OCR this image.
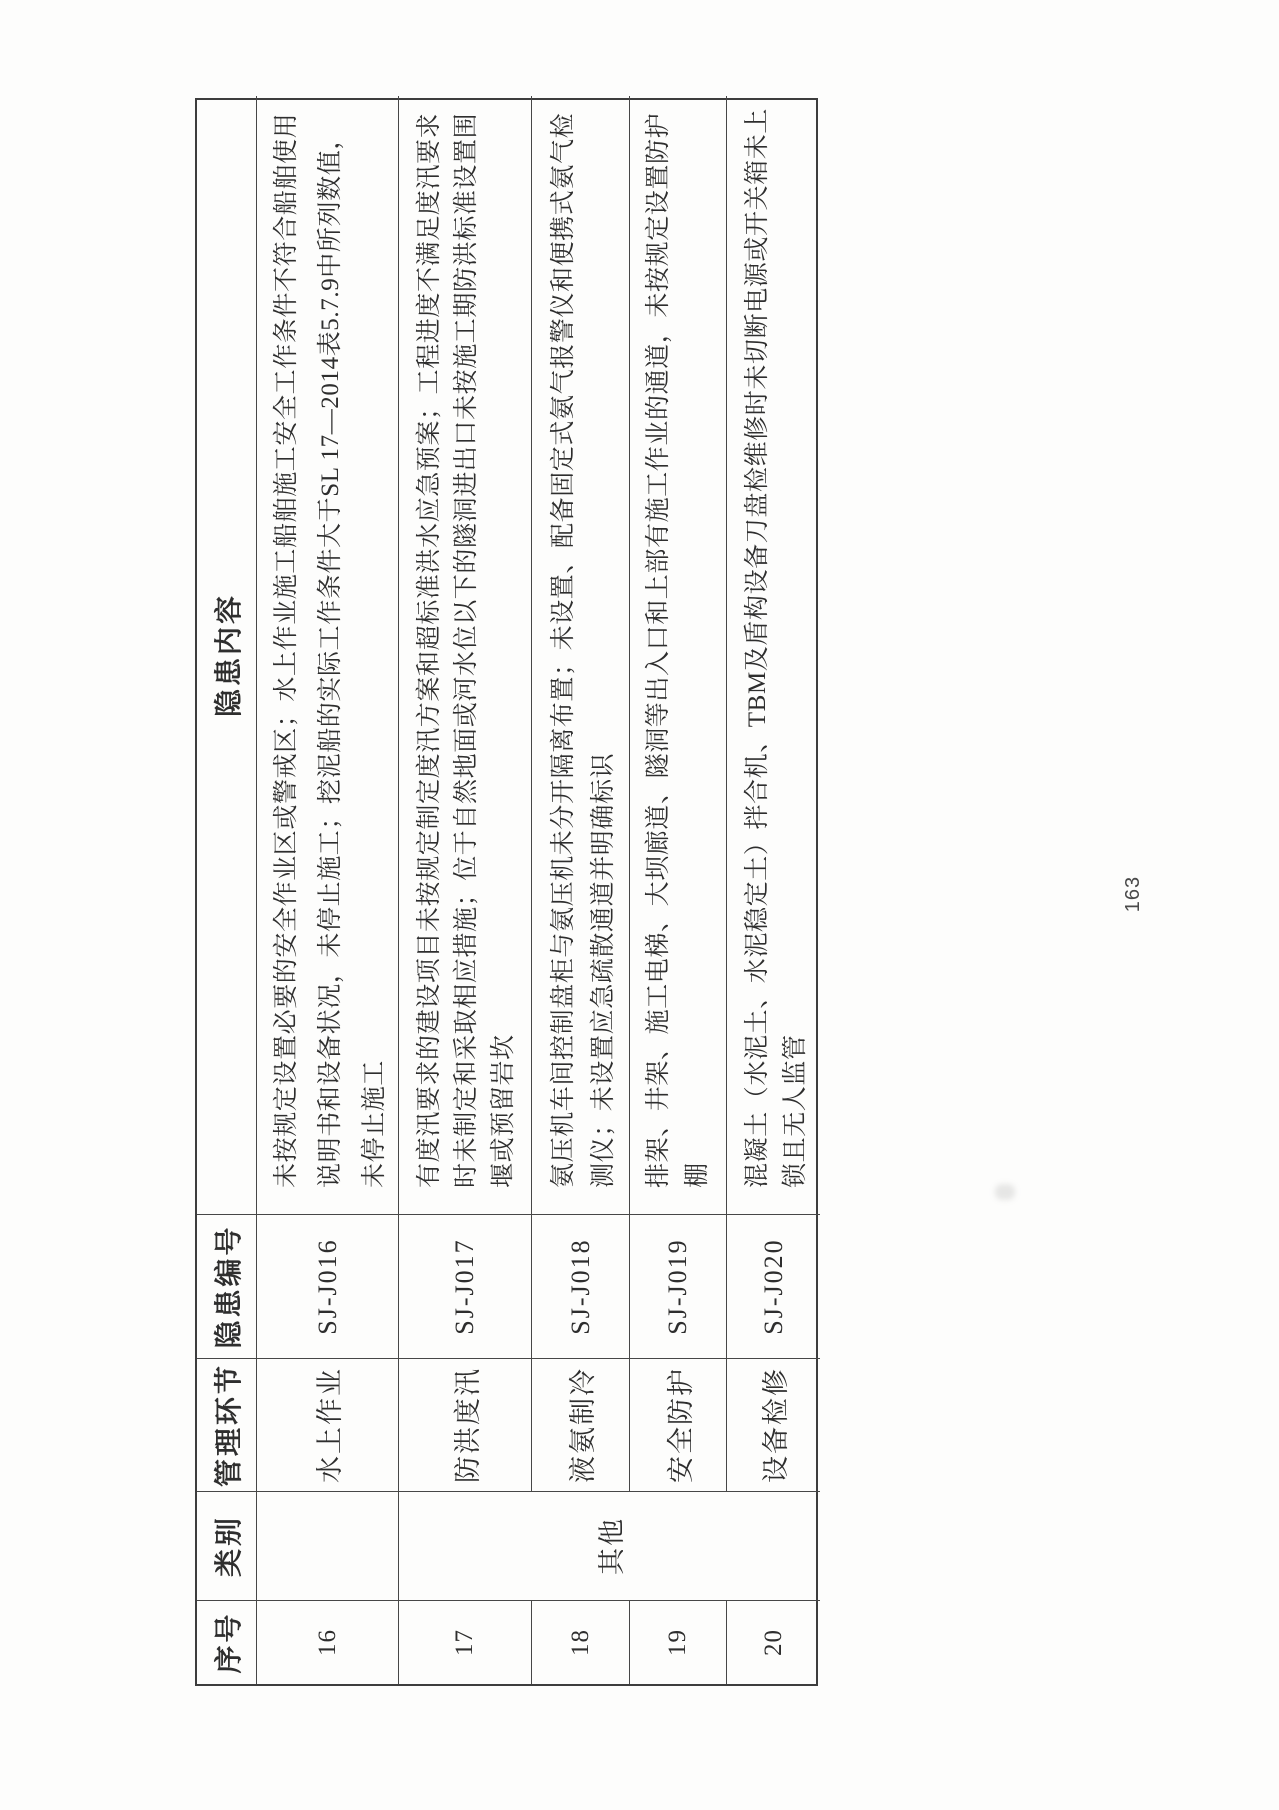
序号
类别
管理环节
隐患编号
隐患内容
16
水上作业
SJ-J016
未按规定设置必要的安全作业区或警戒区；水上作业施工船舶施工安全工作条件不符合船舶使用 说明书和设备状况，未停止施工；挖泥船的实际工作条件大于SL 17—2014表5.7.9中所列数值， 未停止施工
其他
17
防洪度汛
SJ-J017
有度汛要求的建设项目未按规定制定度汛方案和超标准洪水应急预案；工程进度不满足度汛要求 时未制定和采取相应措施；位于自然地面或河水位以下的隧洞进出口未按施工期防洪标准设置围 堰或预留岩坎
18
液氨制冷
SJ-J018
氨压机车间控制盘柜与氨压机未分开隔离布置；未设置、配备固定式氨气报警仪和便携式氨气检 测仪；未设置应急疏散通道并明确标识
19
安全防护
SJ-J019
排架、井架、施工电梯、大坝廊道、隧洞等出入口和上部有施工作业的通道，未按规定设置防护 棚
20
设备检修
SJ-J020
混凝土（水泥土、水泥稳定土）拌合机、TBM及盾构设备刀盘检维修时未切断电源或开关箱未上 锁且无人监管
163
